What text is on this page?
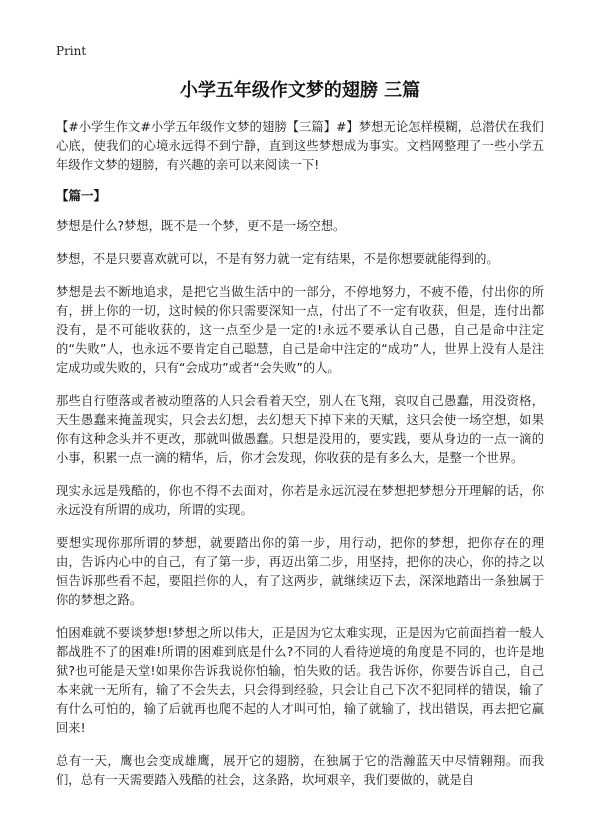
Print
小学五年级作文梦的翅膀 三篇

【#小学生作文#小学五年级作文梦的翅膀【三篇】#】梦想无论怎样模糊，总潜伏在我们心底，使我们的心境永远得不到宁静，直到这些梦想成为事实。文档网整理了一些小学五年级作文梦的翅膀，有兴趣的亲可以来阅读一下!

【篇一】

梦想是什么?梦想，既不是一个梦，更不是一场空想。

梦想，不是只要喜欢就可以，不是有努力就一定有结果，不是你想要就能得到的。

梦想是去不断地追求，是把它当做生活中的一部分，不停地努力，不疲不倦，付出你的所有，拼上你的一切，这时候的你只需要深知一点，付出了不一定有收获，但是，连付出都没有，是不可能收获的，这一点至少是一定的!永远不要承认自己愚，自己是命中注定的“失败”人，也永远不要肯定自己聪慧，自己是命中注定的“成功”人，世界上没有人是注定成功或失败的，只有“会成功”或者“会失败”的人。

那些自行堕落或者被动堕落的人只会看着天空，别人在飞翔，哀叹自己愚蠢，用没资格，天生愚蠢来掩盖现实，只会去幻想，去幻想天下掉下来的天赋，这只会使一场空想，如果你有这种念头并不更改，那就叫做愚蠢。只想是没用的，要实践，要从身边的一点一滴的小事，积累一点一滴的精华，后，你才会发现，你收获的是有多么大，是整一个世界。

现实永远是残酷的，你也不得不去面对，你若是永远沉浸在梦想把梦想分开理解的话，你永远没有所谓的成功，所谓的实现。

要想实现你那所谓的梦想，就要踏出你的第一步，用行动，把你的梦想，把你存在的理由，告诉内心中的自己，有了第一步，再迈出第二步，用坚持，把你的决心，你的持之以恒告诉那些看不起，要阻拦你的人，有了这两步，就继续迈下去，深深地踏出一条独属于你的梦想之路。

怕困难就不要谈梦想!梦想之所以伟大，正是因为它太难实现，正是因为它前面挡着一般人都战胜不了的困难!所谓的困难到底是什么?不同的人看待逆境的角度是不同的，也许是地狱?也可能是天堂!如果你告诉我说你怕输，怕失败的话。我告诉你，你要告诉自己，自己本来就一无所有，输了不会失去，只会得到经验，只会让自己下次不犯同样的错误，输了有什么可怕的，输了后就再也爬不起的人才叫可怕，输了就输了，找出错误，再去把它赢回来!

总有一天，鹰也会变成雄鹰，展开它的翅膀，在独属于它的浩瀚蓝天中尽情翱翔。而我们，总有一天需要踏入残酷的社会，这条路，坎坷艰辛，我们要做的，就是自
